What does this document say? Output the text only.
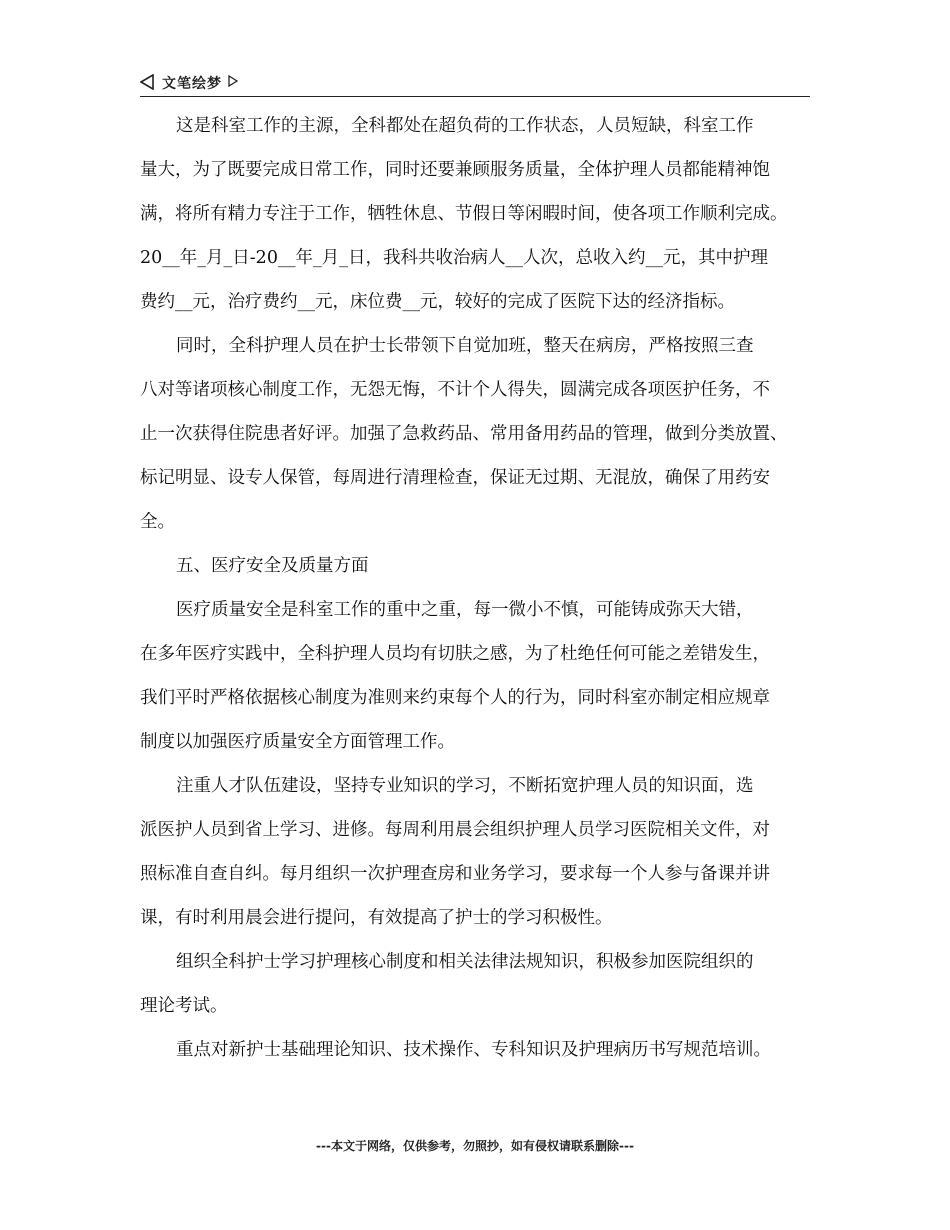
文笔绘梦
这是科室工作的主源，全科都处在超负荷的工作状态，人员短缺，科室工作
量大，为了既要完成日常工作，同时还要兼顾服务质量，全体护理人员都能精神饱
满，将所有精力专注于工作，牺牲休息、节假日等闲暇时间，使各项工作顺利完成。
20__年_月_日-20__年_月_日，我科共收治病人__人次，总收入约__元，其中护理
费约__元，治疗费约__元，床位费__元，较好的完成了医院下达的经济指标。
同时，全科护理人员在护士长带领下自觉加班，整天在病房，严格按照三查
八对等诸项核心制度工作，无怨无悔，不计个人得失，圆满完成各项医护任务，不
止一次获得住院患者好评。加强了急救药品、常用备用药品的管理，做到分类放置、
标记明显、设专人保管，每周进行清理检查，保证无过期、无混放，确保了用药安
全。
五、医疗安全及质量方面
医疗质量安全是科室工作的重中之重，每一微小不慎，可能铸成弥天大错，
在多年医疗实践中，全科护理人员均有切肤之感，为了杜绝任何可能之差错发生，
我们平时严格依据核心制度为准则来约束每个人的行为，同时科室亦制定相应规章
制度以加强医疗质量安全方面管理工作。
注重人才队伍建设，坚持专业知识的学习，不断拓宽护理人员的知识面，选
派医护人员到省上学习、进修。每周利用晨会组织护理人员学习医院相关文件，对
照标准自查自纠。每月组织一次护理查房和业务学习，要求每一个人参与备课并讲
课，有时利用晨会进行提问，有效提高了护士的学习积极性。
组织全科护士学习护理核心制度和相关法律法规知识，积极参加医院组织的
理论考试。
重点对新护士基础理论知识、技术操作、专科知识及护理病历书写规范培训。
---本文于网络，仅供参考，勿照抄，如有侵权请联系删除---
